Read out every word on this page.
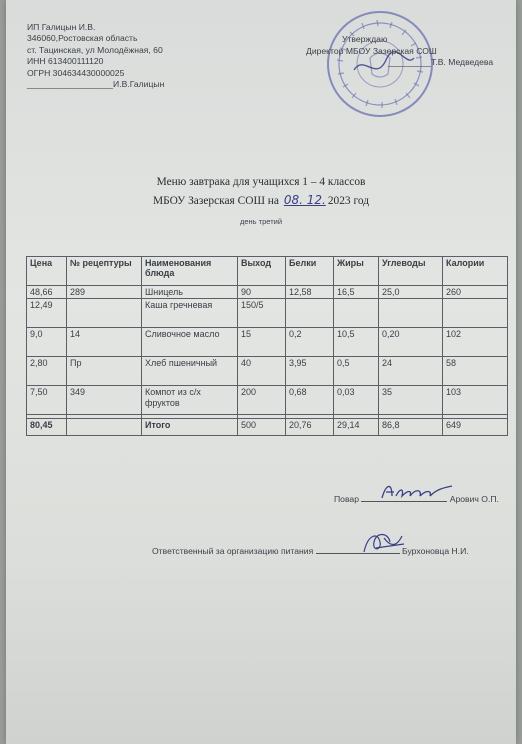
ИП Галицын И.В.
346060,Ростовская область
ст. Тацинская, ул Молодёжная, 60
ИНН 613400111120
ОГРН 304634430000025
__________________И.В.Галицын
Утверждаю
Директор МБОУ Зазерская СОШ
_________Т.В. Медведева
Меню завтрака для учащихся 1 – 4 классов
МБОУ Зазерская СОШ на 08. 12. 2023 год
день третий
Цена	№ рецептуры	Наименования блюда	Выход	Белки	Жиры	Углеводы	Калории
48,66	289	Шницель	90	12,58	16,5	25,0	260
12,49		Каша гречневая	150/5				
9,0	14	Сливочное масло	15	0,2	10,5	0,20	102
2,80	Пр	Хлеб пшеничный	40	3,95	0,5	24	58
7,50	349	Компот из с/х фруктов	200	0,68	0,03	35	103

80,45		Итого	500	20,76	29,14	86,8	649
Повар	Арович О.П.
Ответственный за организацию питания	Бурхоновца Н.И.
